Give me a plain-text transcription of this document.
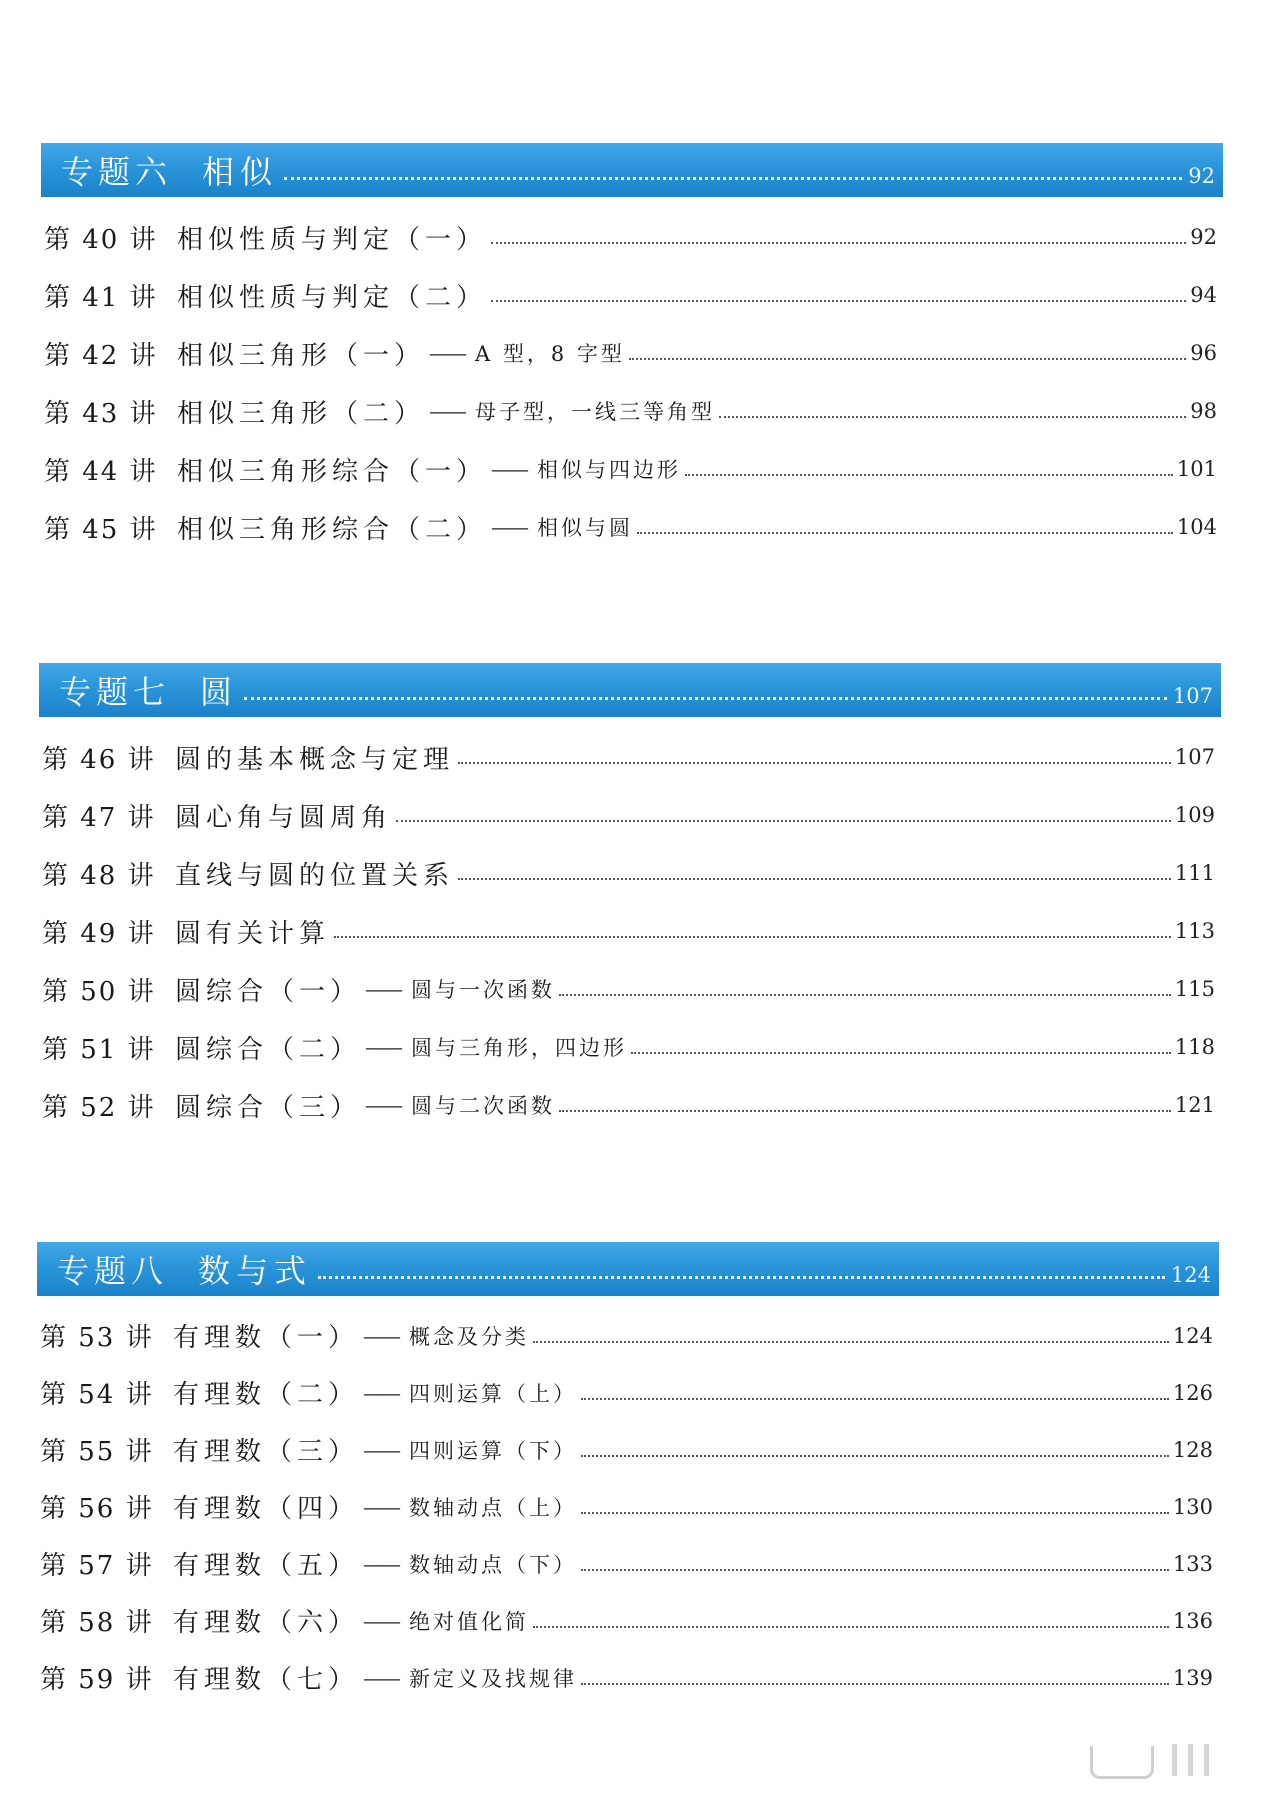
专题六 相似	92
第 40 讲 相似性质与判定（一）	92
第 41 讲 相似性质与判定（二）	94
第 42 讲 相似三角形（一） —— A 型，8 字型	96
第 43 讲 相似三角形（二） —— 母子型，一线三等角型	98
第 44 讲 相似三角形综合（一） —— 相似与四边形	101
第 45 讲 相似三角形综合（二） —— 相似与圆	104
专题七 圆	107
第 46 讲 圆的基本概念与定理	107
第 47 讲 圆心角与圆周角	109
第 48 讲 直线与圆的位置关系	111
第 49 讲 圆有关计算	113
第 50 讲 圆综合（一） —— 圆与一次函数	115
第 51 讲 圆综合（二） —— 圆与三角形，四边形	118
第 52 讲 圆综合（三） —— 圆与二次函数	121
专题八 数与式	124
第 53 讲 有理数（一） —— 概念及分类	124
第 54 讲 有理数（二） —— 四则运算（上）	126
第 55 讲 有理数（三） —— 四则运算（下）	128
第 56 讲 有理数（四） —— 数轴动点（上）	130
第 57 讲 有理数（五） —— 数轴动点（下）	133
第 58 讲 有理数（六） —— 绝对值化简	136
第 59 讲 有理数（七） —— 新定义及找规律	139
